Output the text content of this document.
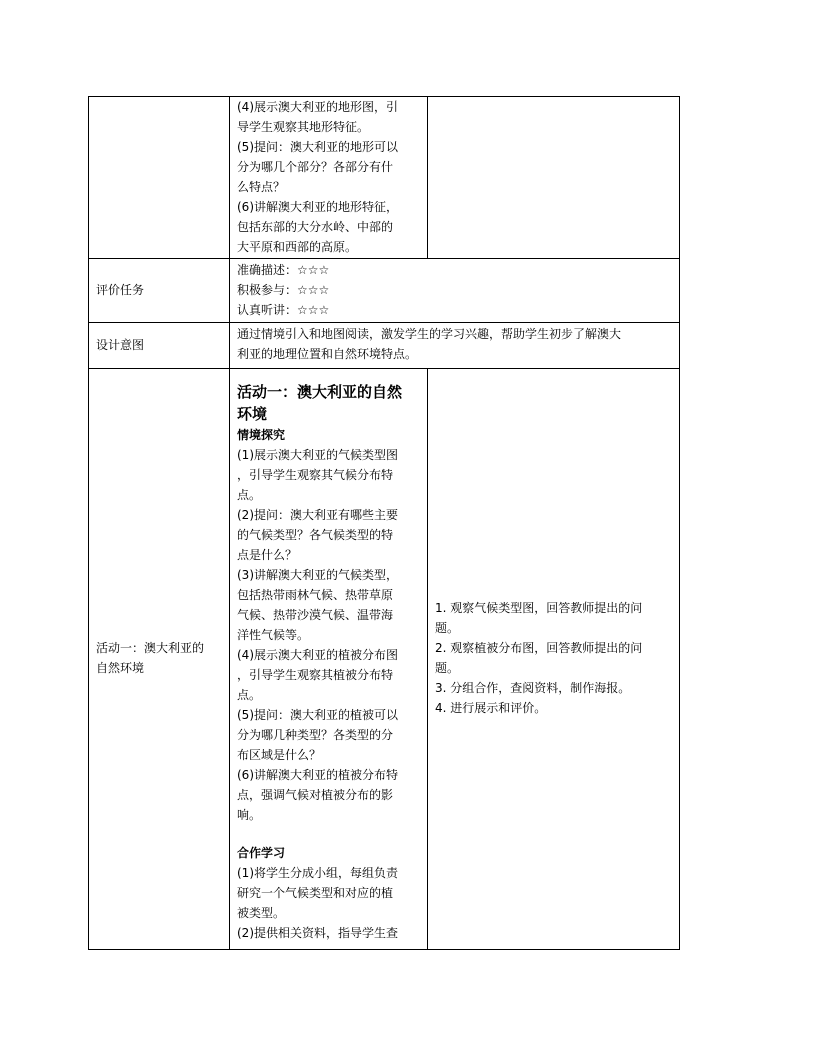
(4)展示澳大利亚的地形图，引

导学生观察其地形特征。

(5)提问：澳大利亚的地形可以

分为哪几个部分？各部分有什

么特点？

(6)讲解澳大利亚的地形特征，

包括东部的大分水岭、中部的

大平原和西部的高原。

评价任务

准确描述：☆☆☆

积极参与：☆☆☆

认真听讲：☆☆☆

设计意图

通过情境引入和地图阅读，激发学生的学习兴趣，帮助学生初步了解澳大

利亚的地理位置和自然环境特点。

活动一：澳大利亚的

自然环境

活动一：澳大利亚的自然

环境

情境探究

(1)展示澳大利亚的气候类型图

，引导学生观察其气候分布特

点。

(2)提问：澳大利亚有哪些主要

的气候类型？各气候类型的特

点是什么？

(3)讲解澳大利亚的气候类型，

包括热带雨林气候、热带草原

气候、热带沙漠气候、温带海

洋性气候等。

(4)展示澳大利亚的植被分布图

，引导学生观察其植被分布特

点。

(5)提问：澳大利亚的植被可以

分为哪几种类型？各类型的分

布区域是什么？

(6)讲解澳大利亚的植被分布特

点，强调气候对植被分布的影

响。

合作学习

(1)将学生分成小组，每组负责

研究一个气候类型和对应的植

被类型。

(2)提供相关资料，指导学生查

1. 观察气候类型图，回答教师提出的问

题。

2. 观察植被分布图，回答教师提出的问

题。

3. 分组合作，查阅资料，制作海报。

4. 进行展示和评价。
